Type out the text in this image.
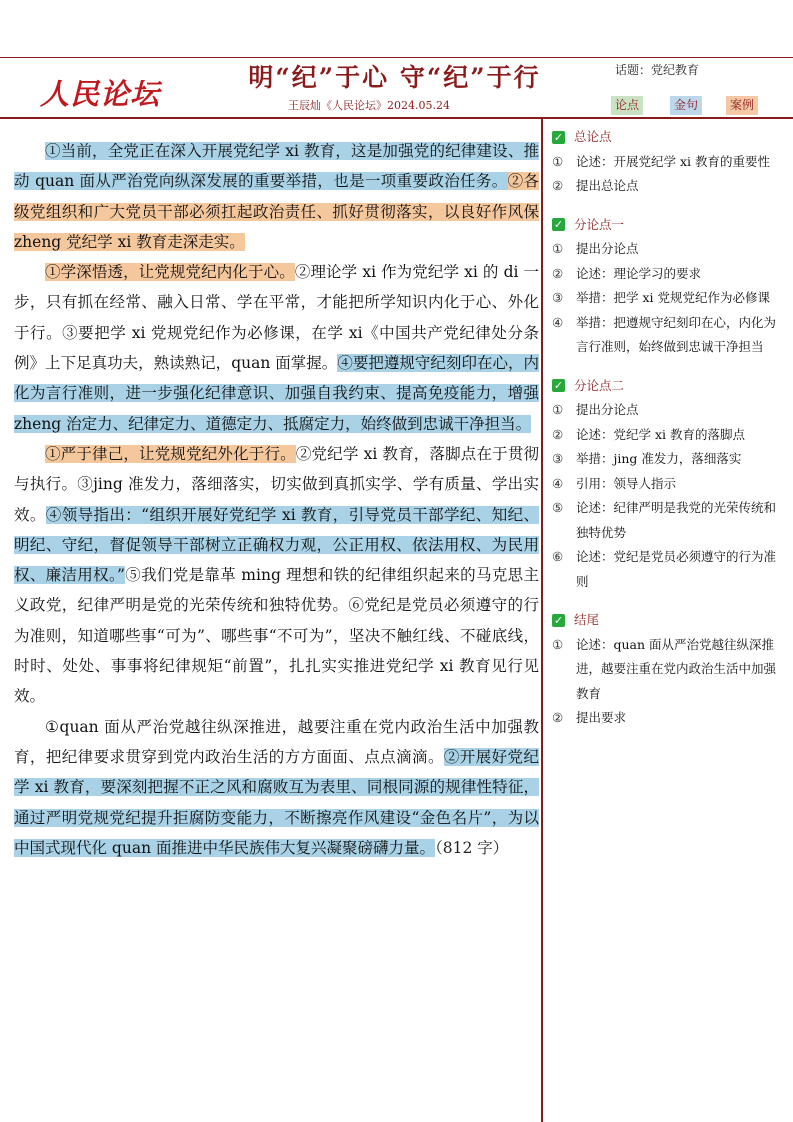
人民论坛	明“纪”于心 守“纪”于行
王辰灿《人民论坛》2024.05.24
话题：党纪教育
论点	金句	案例

①当前，全党正在深入开展党纪学 xi 教育，这是加强党的纪律建设、推动 quan 面从严治党向纵深发展的重要举措，也是一项重要政治任务。②各级党组织和广大党员干部必须扛起政治责任、抓好贯彻落实，以良好作风保 zheng 党纪学 xi 教育走深走实。

①学深悟透，让党规党纪内化于心。②理论学 xi 作为党纪学 xi 的 di 一步，只有抓在经常、融入日常、学在平常，才能把所学知识内化于心、外化于行。③要把学 xi 党规党纪作为必修课，在学 xi《中国共产党纪律处分条例》上下足真功夫，熟读熟记，quan 面掌握。④要把遵规守纪刻印在心，内化为言行准则，进一步强化纪律意识、加强自我约束、提高免疫能力，增强 zheng 治定力、纪律定力、道德定力、抵腐定力，始终做到忠诚干净担当。

①严于律己，让党规党纪外化于行。②党纪学 xi 教育，落脚点在于贯彻与执行。③jing 准发力，落细落实，切实做到真抓实学、学有质量、学出实效。④领导指出：“组织开展好党纪学 xi 教育，引导党员干部学纪、知纪、明纪、守纪，督促领导干部树立正确权力观，公正用权、依法用权、为民用权、廉洁用权。”⑤我们党是靠革 ming 理想和铁的纪律组织起来的马克思主义政党，纪律严明是党的光荣传统和独特优势。⑥党纪是党员必须遵守的行为准则，知道哪些事“可为”、哪些事“不可为”，坚决不触红线、不碰底线，时时、处处、事事将纪律规矩“前置”，扎扎实实推进党纪学 xi 教育见行见效。

①quan 面从严治党越往纵深推进，越要注重在党内政治生活中加强教育，把纪律要求贯穿到党内政治生活的方方面面、点点滴滴。②开展好党纪学 xi 教育，要深刻把握不正之风和腐败互为表里、同根同源的规律性特征，通过严明党规党纪提升拒腐防变能力，不断擦亮作风建设“金色名片”，为以中国式现代化 quan 面推进中华民族伟大复兴凝聚磅礴力量。（812 字）

✓ 总论点
①	论述：开展党纪学 xi 教育的重要性
②	提出总论点
✓ 分论点一
①	提出分论点
②	论述：理论学习的要求
③	举措：把学 xi 党规党纪作为必修课
④	举措：把遵规守纪刻印在心，内化为言行准则，始终做到忠诚干净担当
✓ 分论点二
①	提出分论点
②	论述：党纪学 xi 教育的落脚点
③	举措：jing 准发力，落细落实
④	引用：领导人指示
⑤	论述：纪律严明是我党的光荣传统和独特优势
⑥	论述：党纪是党员必须遵守的行为准则
✓ 结尾
①	论述：quan 面从严治党越往纵深推进，越要注重在党内政治生活中加强教育
②	提出要求
